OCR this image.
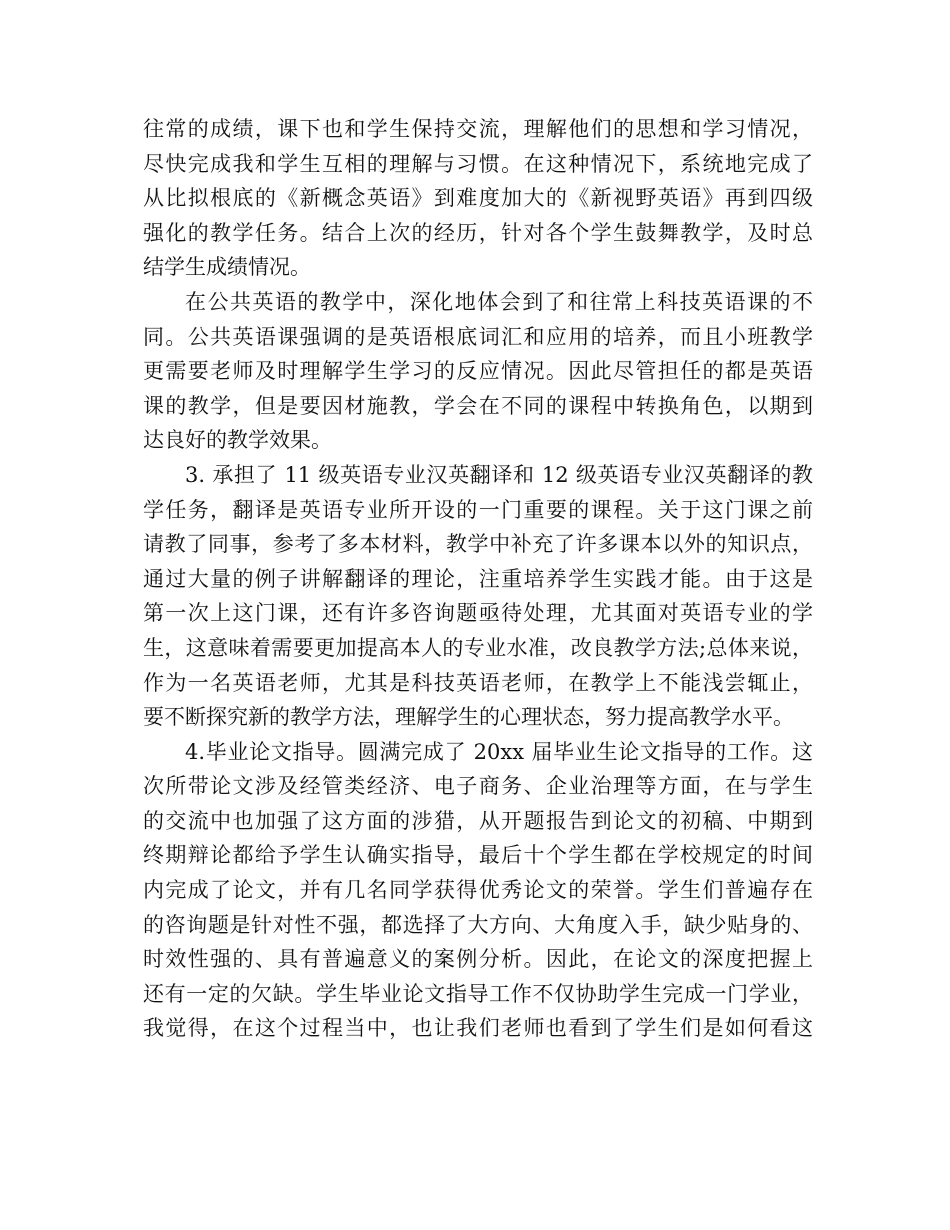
往常的成绩，课下也和学生保持交流，理解他们的思想和学习情况，
尽快完成我和学生互相的理解与习惯。在这种情况下，系统地完成了
从比拟根底的《新概念英语》到难度加大的《新视野英语》再到四级
强化的教学任务。结合上次的经历，针对各个学生鼓舞教学，及时总
结学生成绩情况。
在公共英语的教学中，深化地体会到了和往常上科技英语课的不
同。公共英语课强调的是英语根底词汇和应用的培养，而且小班教学
更需要老师及时理解学生学习的反应情况。因此尽管担任的都是英语
课的教学，但是要因材施教，学会在不同的课程中转换角色，以期到
达良好的教学效果。
3. 承担了 11 级英语专业汉英翻译和 12 级英语专业汉英翻译的教
学任务，翻译是英语专业所开设的一门重要的课程。关于这门课之前
请教了同事，参考了多本材料，教学中补充了许多课本以外的知识点，
通过大量的例子讲解翻译的理论，注重培养学生实践才能。由于这是
第一次上这门课，还有许多咨询题亟待处理，尤其面对英语专业的学
生，这意味着需要更加提高本人的专业水准，改良教学方法;总体来说，
作为一名英语老师，尤其是科技英语老师，在教学上不能浅尝辄止，
要不断探究新的教学方法，理解学生的心理状态，努力提高教学水平。
4.毕业论文指导。圆满完成了 20xx 届毕业生论文指导的工作。这
次所带论文涉及经管类经济、电子商务、企业治理等方面，在与学生
的交流中也加强了这方面的涉猎，从开题报告到论文的初稿、中期到
终期辩论都给予学生认确实指导，最后十个学生都在学校规定的时间
内完成了论文，并有几名同学获得优秀论文的荣誉。学生们普遍存在
的咨询题是针对性不强，都选择了大方向、大角度入手，缺少贴身的、
时效性强的、具有普遍意义的案例分析。因此，在论文的深度把握上
还有一定的欠缺。学生毕业论文指导工作不仅协助学生完成一门学业，
我觉得，在这个过程当中，也让我们老师也看到了学生们是如何看这
